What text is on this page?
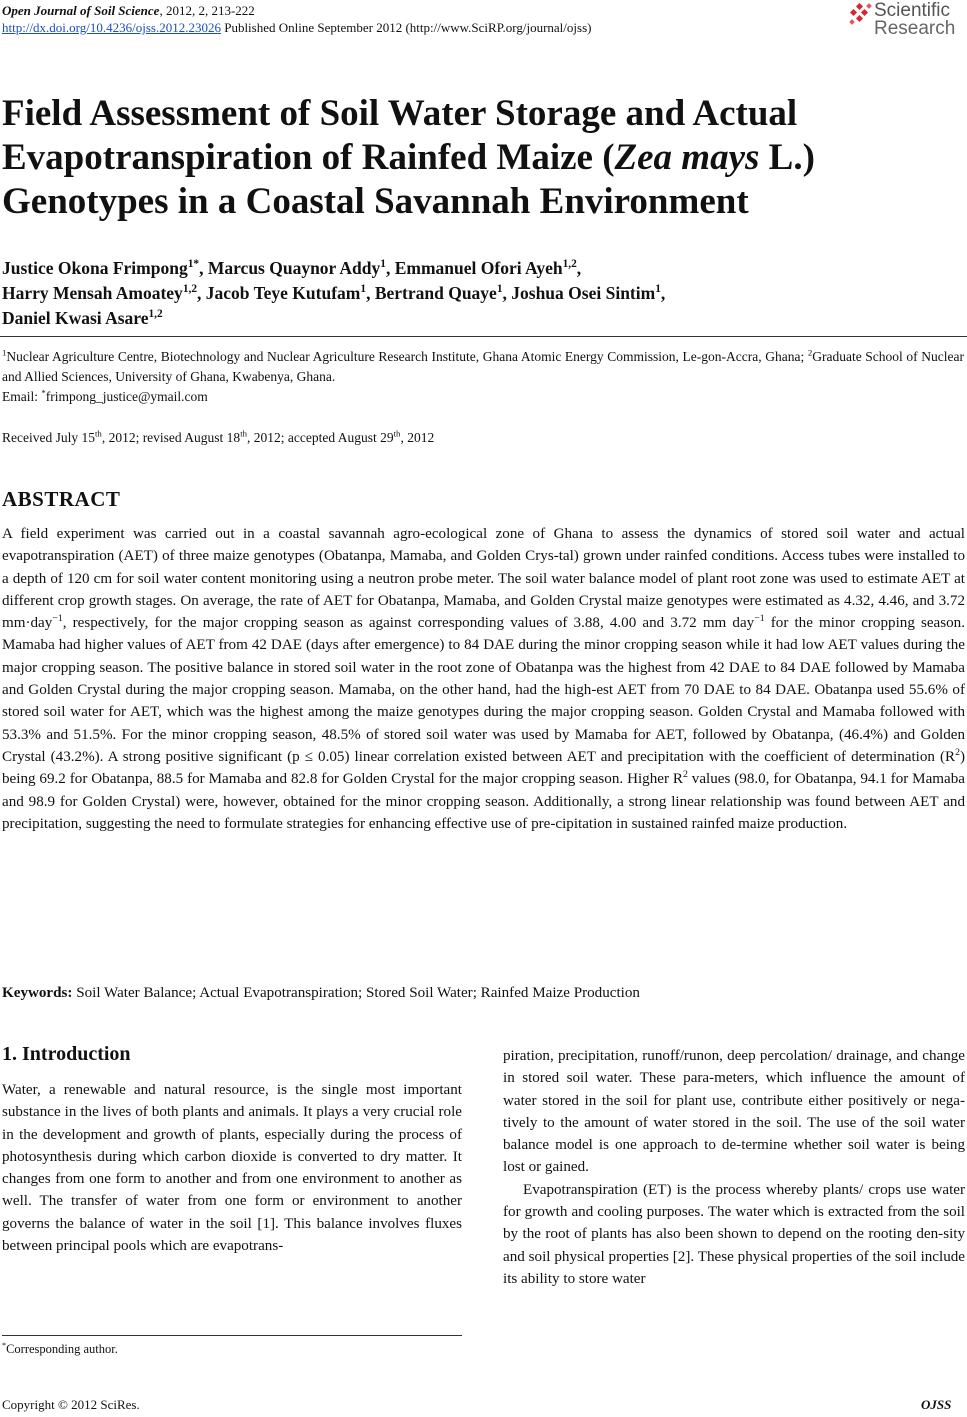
Open Journal of Soil Science, 2012, 2, 213-222
http://dx.doi.org/10.4236/ojss.2012.23026 Published Online September 2012 (http://www.SciRP.org/journal/ojss)
Scientific
Research
Field Assessment of Soil Water Storage and Actual Evapotranspiration of Rainfed Maize (Zea mays L.) Genotypes in a Coastal Savannah Environment
Justice Okona Frimpong$^{1*}$, Marcus Quaynor Addy$^1$, Emmanuel Ofori Ayeh$^{1,2}$,
Harry Mensah Amoatey$^{1,2}$, Jacob Teye Kutufam$^1$, Bertrand Quaye$^1$, Joshua Osei Sintim$^1$,
Daniel Kwasi Asare$^{1,2}$
$^1$Nuclear Agriculture Centre, Biotechnology and Nuclear Agriculture Research Institute, Ghana Atomic Energy Commission, Le-gon-Accra, Ghana; $^2$Graduate School of Nuclear and Allied Sciences, University of Ghana, Kwabenya, Ghana.
Email: *frimpong_justice@ymail.com
Received July 15th, 2012; revised August 18th, 2012; accepted August 29th, 2012
ABSTRACT
A field experiment was carried out in a coastal savannah agro-ecological zone of Ghana to assess the dynamics of stored soil water and actual evapotranspiration (AET) of three maize genotypes (Obatanpa, Mamaba, and Golden Crys-tal) grown under rainfed conditions. Access tubes were installed to a depth of 120 cm for soil water content monitoring using a neutron probe meter. The soil water balance model of plant root zone was used to estimate AET at different crop growth stages. On average, the rate of AET for Obatanpa, Mamaba, and Golden Crystal maize genotypes were estimated as 4.32, 4.46, and 3.72 mm·day$^{-1}$, respectively, for the major cropping season as against corresponding values of 3.88, 4.00 and 3.72 mm day$^{-1}$ for the minor cropping season. Mamaba had higher values of AET from 42 DAE (days after emergence) to 84 DAE during the minor cropping season while it had low AET values during the major cropping season. The positive balance in stored soil water in the root zone of Obatanpa was the highest from 42 DAE to 84 DAE followed by Mamaba and Golden Crystal during the major cropping season. Mamaba, on the other hand, had the high-est AET from 70 DAE to 84 DAE. Obatanpa used 55.6% of stored soil water for AET, which was the highest among the maize genotypes during the major cropping season. Golden Crystal and Mamaba followed with 53.3% and 51.5%. For the minor cropping season, 48.5% of stored soil water was used by Mamaba for AET, followed by Obatanpa, (46.4%) and Golden Crystal (43.2%). A strong positive significant (p ≤ 0.05) linear correlation existed between AET and precipitation with the coefficient of determination $(R^2)$ being 69.2 for Obatanpa, 88.5 for Mamaba and 82.8 for Golden Crystal for the major cropping season. Higher $R^2$ values (98.0, for Obatanpa, 94.1 for Mamaba and 98.9 for Golden Crystal) were, however, obtained for the minor cropping season. Additionally, a strong linear relationship was found between AET and precipitation, suggesting the need to formulate strategies for enhancing effective use of pre-cipitation in sustained rainfed maize production.
Keywords: Soil Water Balance; Actual Evapotranspiration; Stored Soil Water; Rainfed Maize Production
1. Introduction
Water, a renewable and natural resource, is the single most important substance in the lives of both plants and animals. It plays a very crucial role in the development and growth of plants, especially during the process of photosynthesis during which carbon dioxide is converted to dry matter. It changes from one form to another and from one environment to another as well. The transfer of water from one form or environment to another governs the balance of water in the soil [1]. This balance involves fluxes between principal pools which are evapotrans-

piration, precipitation, runoff/runon, deep percolation/ drainage, and change in stored soil water. These para-meters, which influence the amount of water stored in the soil for plant use, contribute either positively or nega-tively to the amount of water stored in the soil. The use of the soil water balance model is one approach to de-termine whether soil water is being lost or gained.

Evapotranspiration (ET) is the process whereby plants/ crops use water for growth and cooling purposes. The water which is extracted from the soil by the root of plants has also been shown to depend on the rooting den-sity and soil physical properties [2]. These physical properties of the soil include its ability to store water

*Corresponding author.
Copyright © 2012 SciRes.	OJSS
